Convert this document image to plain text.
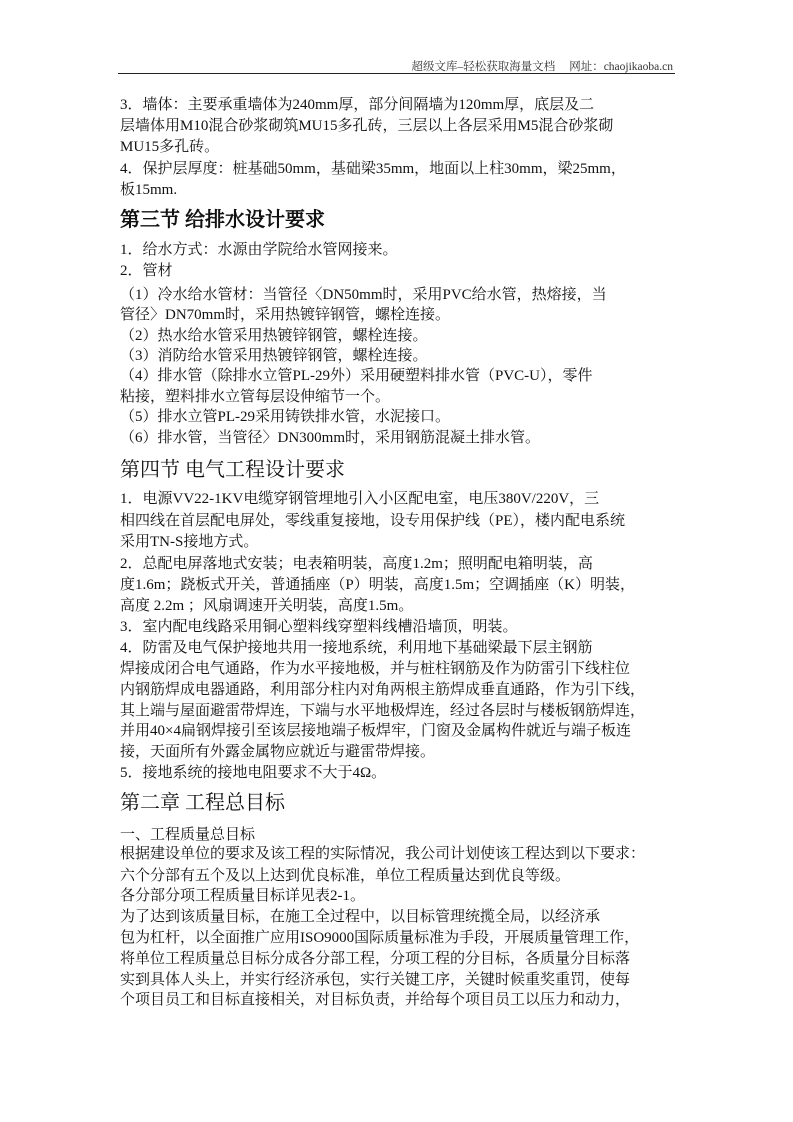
超级文库–轻松获取海量文档 网址：chaojikaoba.cn
3．墙体：主要承重墙体为240mm厚，部分间隔墙为120mm厚，底层及二
层墙体用M10混合砂浆砌筑MU15多孔砖，三层以上各层采用M5混合砂浆砌
MU15多孔砖。
4．保护层厚度：桩基础50mm，基础梁35mm，地面以上柱30mm，梁25mm，
板15mm.
第三节 给排水设计要求
1．给水方式：水源由学院给水管网接来。
2．管材
（1）冷水给水管材：当管径〈DN50mm时，采用PVC给水管，热熔接，当
管径〉DN70mm时，采用热镀锌钢管，螺栓连接。
（2）热水给水管采用热镀锌钢管，螺栓连接。
（3）消防给水管采用热镀锌钢管，螺栓连接。
（4）排水管（除排水立管PL-29外）采用硬塑料排水管（PVC-U），零件
粘接，塑料排水立管每层设伸缩节一个。
（5）排水立管PL-29采用铸铁排水管，水泥接口。
（6）排水管，当管径〉DN300mm时，采用钢筋混凝土排水管。
第四节 电气工程设计要求
1．电源VV22-1KV电缆穿钢管埋地引入小区配电室，电压380V/220V，三
相四线在首层配电屏处，零线重复接地，设专用保护线（PE），楼内配电系统
采用TN-S接地方式。
2．总配电屏落地式安装；电表箱明装，高度1.2m；照明配电箱明装，高
度1.6m；跷板式开关，普通插座（P）明装，高度1.5m；空调插座（K）明装，
高度 2.2m ；风扇调速开关明装，高度1.5m。
3．室内配电线路采用铜心塑料线穿塑料线槽沿墙顶，明装。
4．防雷及电气保护接地共用一接地系统，利用地下基础梁最下层主钢筋
焊接成闭合电气通路，作为水平接地极，并与桩柱钢筋及作为防雷引下线柱位
内钢筋焊成电器通路，利用部分柱内对角两根主筋焊成垂直通路，作为引下线，
其上端与屋面避雷带焊连，下端与水平地极焊连，经过各层时与楼板钢筋焊连，
并用40×4扁钢焊接引至该层接地端子板焊牢，门窗及金属构件就近与端子板连
接，天面所有外露金属物应就近与避雷带焊接。
5．接地系统的接地电阻要求不大于4Ω。
第二章 工程总目标
一、工程质量总目标
根据建设单位的要求及该工程的实际情况，我公司计划使该工程达到以下要求：
六个分部有五个及以上达到优良标准，单位工程质量达到优良等级。
各分部分项工程质量目标详见表2-1。
为了达到该质量目标，在施工全过程中，以目标管理统揽全局，以经济承
包为杠杆，以全面推广应用ISO9000国际质量标准为手段，开展质量管理工作，
将单位工程质量总目标分成各分部工程，分项工程的分目标，各质量分目标落
实到具体人头上，并实行经济承包，实行关键工序，关键时候重奖重罚，使每
个项目员工和目标直接相关，对目标负责，并给每个项目员工以压力和动力，
